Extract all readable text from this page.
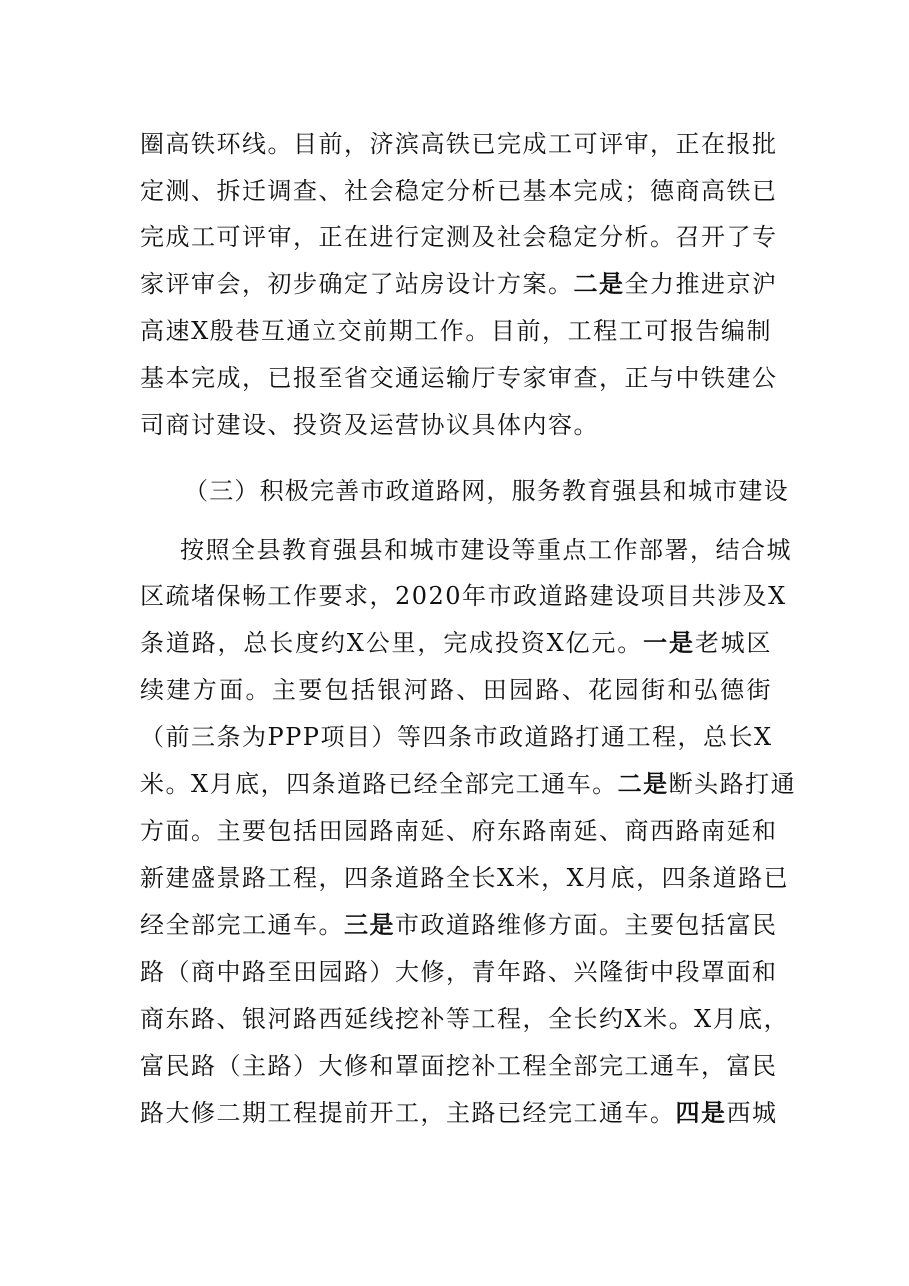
圈高铁环线。目前，济滨高铁已完成工可评审，正在报批
定测、拆迁调查、社会稳定分析已基本完成；德商高铁已
完成工可评审，正在进行定测及社会稳定分析。召开了专
家评审会，初步确定了站房设计方案。二是全力推进京沪
高速X殷巷互通立交前期工作。目前，工程工可报告编制
基本完成，已报至省交通运输厅专家审查，正与中铁建公
司商讨建设、投资及运营协议具体内容。
（三）积极完善市政道路网，服务教育强县和城市建设
按照全县教育强县和城市建设等重点工作部署，结合城
区疏堵保畅工作要求，2020年市政道路建设项目共涉及X
条道路，总长度约X公里，完成投资X亿元。一是老城区
续建方面。主要包括银河路、田园路、花园街和弘德街
（前三条为PPP项目）等四条市政道路打通工程，总长X
米。X月底，四条道路已经全部完工通车。二是断头路打通
方面。主要包括田园路南延、府东路南延、商西路南延和
新建盛景路工程，四条道路全长X米，X月底，四条道路已
经全部完工通车。三是市政道路维修方面。主要包括富民
路（商中路至田园路）大修，青年路、兴隆街中段罩面和
商东路、银河路西延线挖补等工程，全长约X米。X月底，
富民路（主路）大修和罩面挖补工程全部完工通车，富民
路大修二期工程提前开工，主路已经完工通车。四是西城
